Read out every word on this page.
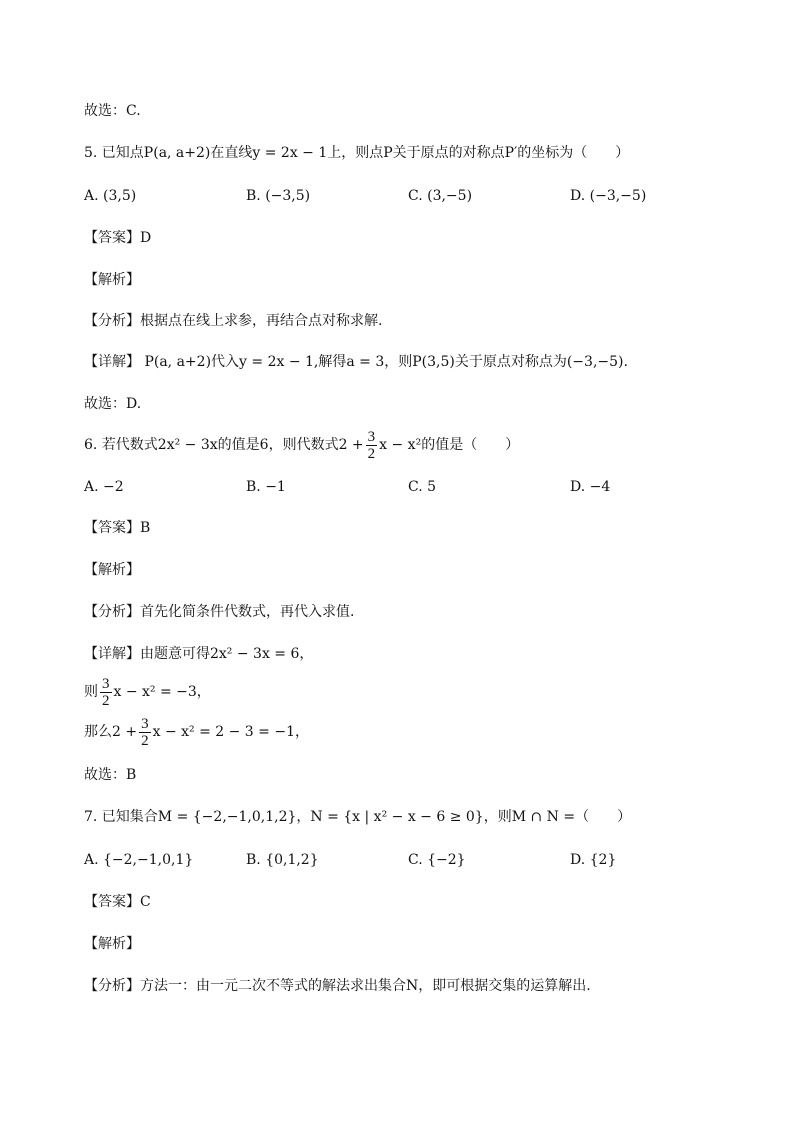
故选：C.
5. 已知点P(a, a+2)在直线y = 2x − 1上，则点P关于原点的对称点P′的坐标为（　　）
A. (3,5)	B. (−3,5)	C. (3,−5)	D. (−3,−5)
【答案】D
【解析】
【分析】根据点在线上求参，再结合点对称求解.
【详解】 P(a, a+2)代入y = 2x − 1,解得a = 3，则P(3,5)关于原点对称点为(−3,−5).
故选：D.
6. 若代数式2x² − 3x的值是6，则代数式$2 + \frac{3}{2}$ x − x²的值是（　　）
A. −2	B. −1	C. 5	D. −4
【答案】B
【解析】
【分析】首先化简条件代数式，再代入求值.
【详解】由题意可得2x² − 3x = 6，
则 $\frac{3}{2}$ x − x² = −3，
那么$2 + \frac{3}{2}$ x − x² = 2 − 3 = −1，
故选：B
7. 已知集合M = {−2,−1,0,1,2}，N = {x | x² − x − 6 ≥ 0}，则M ∩ N =（　　）
A. {−2,−1,0,1}	B. {0,1,2}	C. {−2}	D. {2}
【答案】C
【解析】
【分析】方法一：由一元二次不等式的解法求出集合N，即可根据交集的运算解出.
